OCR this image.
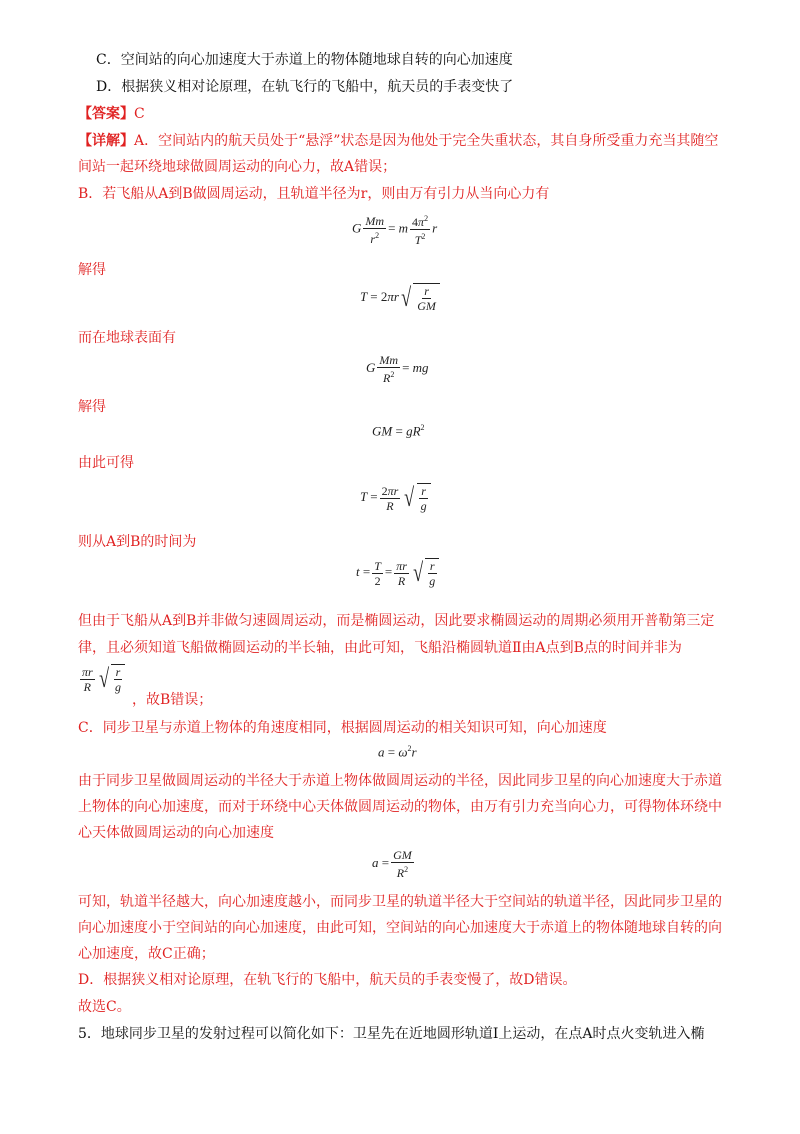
C．空间站的向心加速度大于赤道上的物体随地球自转的向心加速度
D．根据狭义相对论原理，在轨飞行的飞船中，航天员的手表变快了
【答案】C
【详解】A．空间站内的航天员处于“悬浮”状态是因为他处于完全失重状态，其自身所受重力充当其随空
间站一起环绕地球做圆周运动的向心力，故A错误；
B．若飞船从A到B做圆周运动，且轨道半径为r，则由万有引力从当向心力有
G $\frac{Mm}{r^2} = m \frac{4\pi^2}{T^2}$ r
解得
T = 2πr √ $\frac{r}{GM}$
而在地球表面有
G $\frac{Mm}{R^2}$ = mg
解得
GM = $gR^2$
由此可得
$T = \frac{2\pi r}{R}$ √ $\frac{r}{g}$
则从A到B的时间为
$t = \frac{T}{2} = \frac{\pi r}{R}$ √ $\frac{r}{g}$
但由于飞船从A到B并非做匀速圆周运动，而是椭圆运动，因此要求椭圆运动的周期必须用开普勒第三定
律，且必须知道飞船做椭圆运动的半长轴，由此可知，飞船沿椭圆轨道Ⅱ由A点到B点的时间并非为
$\frac{\pi r}{R}$ √ $\frac{r}{g}$
，故B错误；
C．同步卫星与赤道上物体的角速度相同，根据圆周运动的相关知识可知，向心加速度
$a = \omega^2r$
由于同步卫星做圆周运动的半径大于赤道上物体做圆周运动的半径，因此同步卫星的向心加速度大于赤道
上物体的向心加速度，而对于环绕中心天体做圆周运动的物体，由万有引力充当向心力，可得物体环绕中
心天体做圆周运动的向心加速度
$a = \frac{GM}{R^2}$
可知，轨道半径越大，向心加速度越小，而同步卫星的轨道半径大于空间站的轨道半径，因此同步卫星的
向心加速度小于空间站的向心加速度，由此可知，空间站的向心加速度大于赤道上的物体随地球自转的向
心加速度，故C正确；
D．根据狭义相对论原理，在轨飞行的飞船中，航天员的手表变慢了，故D错误。
故选C。
5．地球同步卫星的发射过程可以简化如下：卫星先在近地圆形轨道Ⅰ上运动，在点A时点火变轨进入椭
